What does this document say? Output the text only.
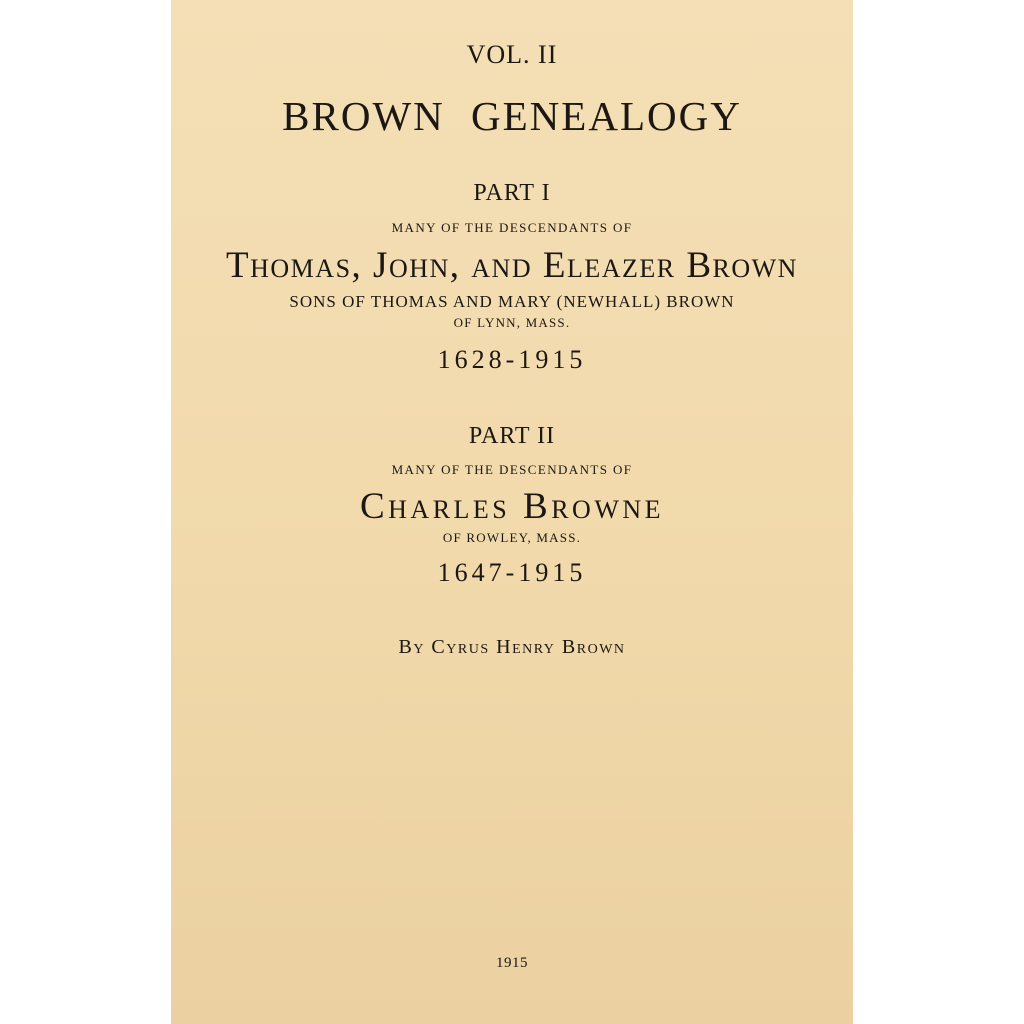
VOL. II
BROWN GENEALOGY
PART I
MANY OF THE DESCENDANTS OF
Thomas, John, and Eleazer Brown
SONS OF THOMAS AND MARY (NEWHALL) BROWN
OF LYNN, MASS.
1628-1915
PART II
MANY OF THE DESCENDANTS OF
Charles Browne
OF ROWLEY, MASS.
1647-1915
By Cyrus Henry Brown
1915
